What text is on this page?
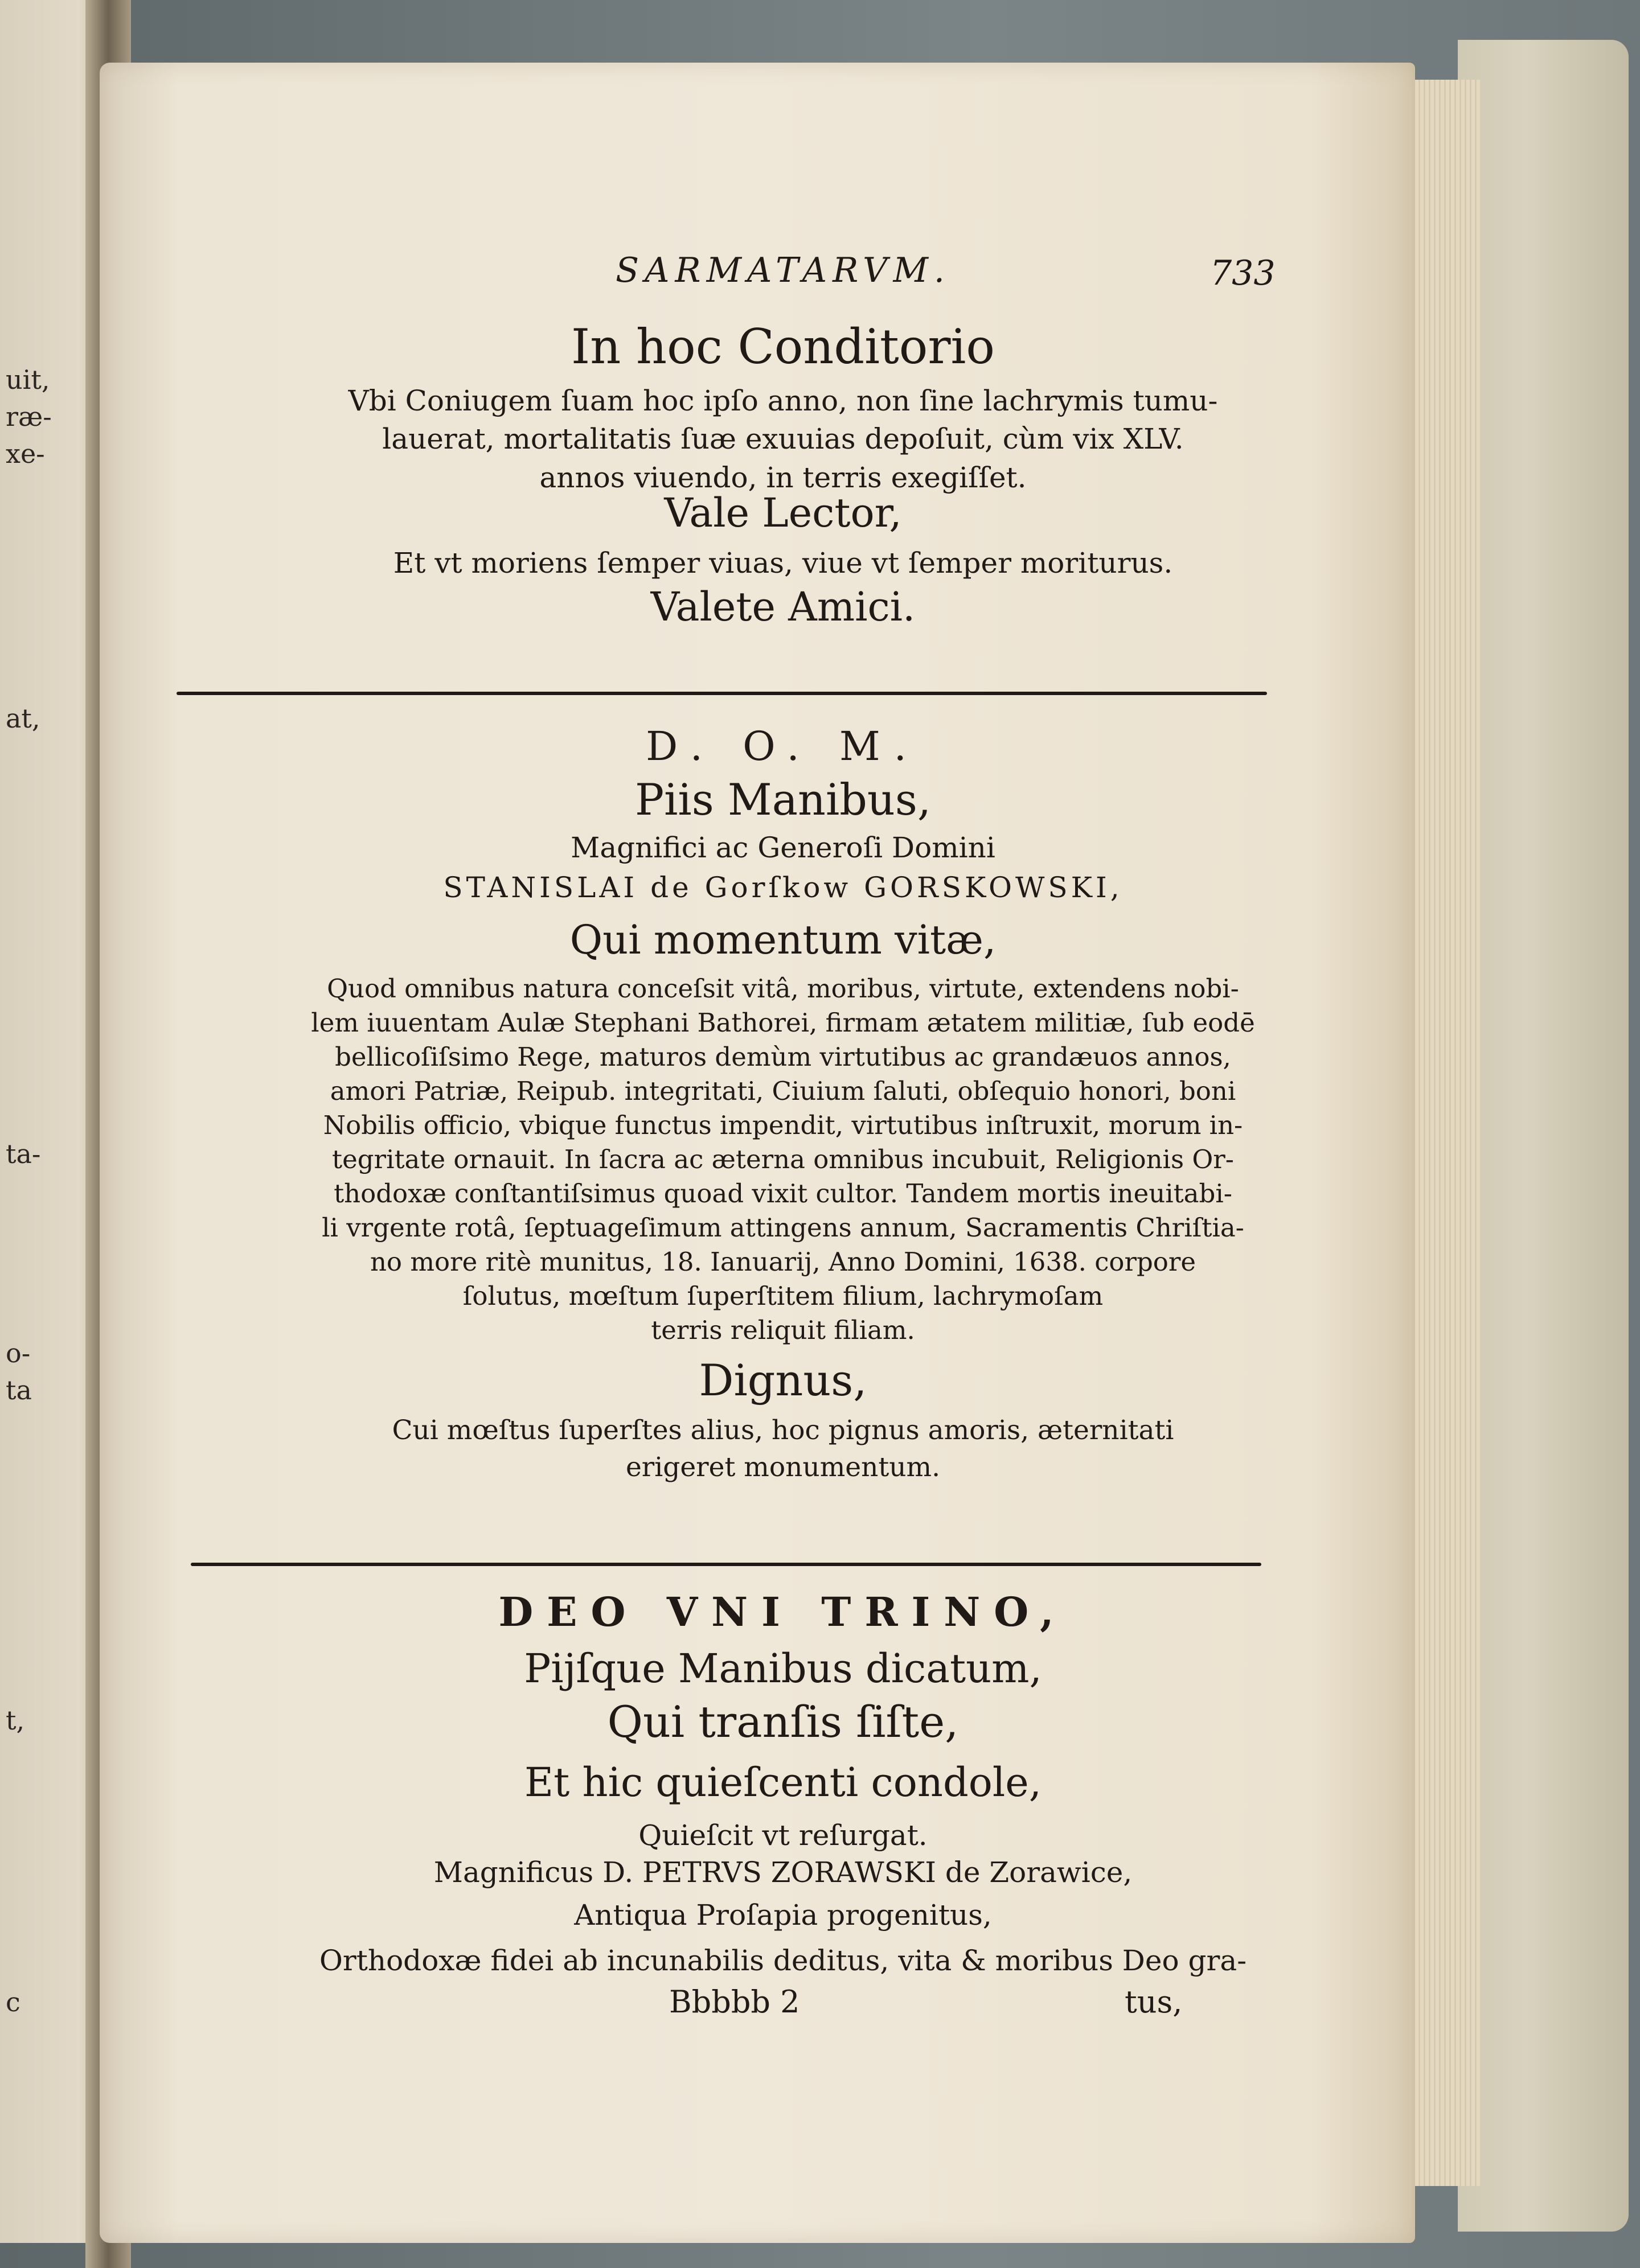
uit,
ræ-
xe-
at,
ta-
o-
ta
t,
c
SARMATARVM.	733
In hoc Conditorio
Vbi Coniugem ſuam hoc ipſo anno, non ſine lachrymis tumu-
lauerat, mortalitatis ſuæ exuuias depoſuit, cùm vix XLV.
annos viuendo, in terris exegiſſet.
Vale Lector,
Et vt moriens ſemper viuas, viue vt ſemper moriturus.
Valete Amici.
D. O. M.
Piis Manibus,
Magnifici ac Generoſi Domini
STANISLAI de Gorſkow GORSKOWSKI,
Qui momentum vitæ,
Quod omnibus natura conceſsit vitâ, moribus, virtute, extendens nobi-
lem iuuentam Aulæ Stephani Bathorei, firmam ætatem militiæ, ſub eodē
bellicoſiſsimo Rege, maturos demùm virtutibus ac grandæuos annos,
amori Patriæ, Reipub. integritati, Ciuium ſaluti, obſequio honori, boni
Nobilis officio, vbique functus impendit, virtutibus inſtruxit, morum in-
tegritate ornauit. In ſacra ac æterna omnibus incubuit, Religionis Or-
thodoxæ conſtantiſsimus quoad vixit cultor. Tandem mortis ineuitabi-
li vrgente rotâ, ſeptuageſimum attingens annum, Sacramentis Chriſtia-
no more ritè munitus, 18. Ianuarij, Anno Domini, 1638. corpore
ſolutus, mœſtum ſuperſtitem filium, lachrymoſam
terris reliquit filiam.
Dignus,
Cui mœſtus ſuperſtes alius, hoc pignus amoris, æternitati
erigeret monumentum.
DEO VNI TRINO,
Pijſque Manibus dicatum,
Qui tranſis ſiſte,
Et hic quieſcenti condole,
Quieſcit vt reſurgat.
Magnificus D. PETRVS ZORAWSKI de Zorawice,
Antiqua Proſapia progenitus,
Orthodoxæ fidei ab incunabilis deditus, vita & moribus Deo gra-
Bbbbb 2	tus,
